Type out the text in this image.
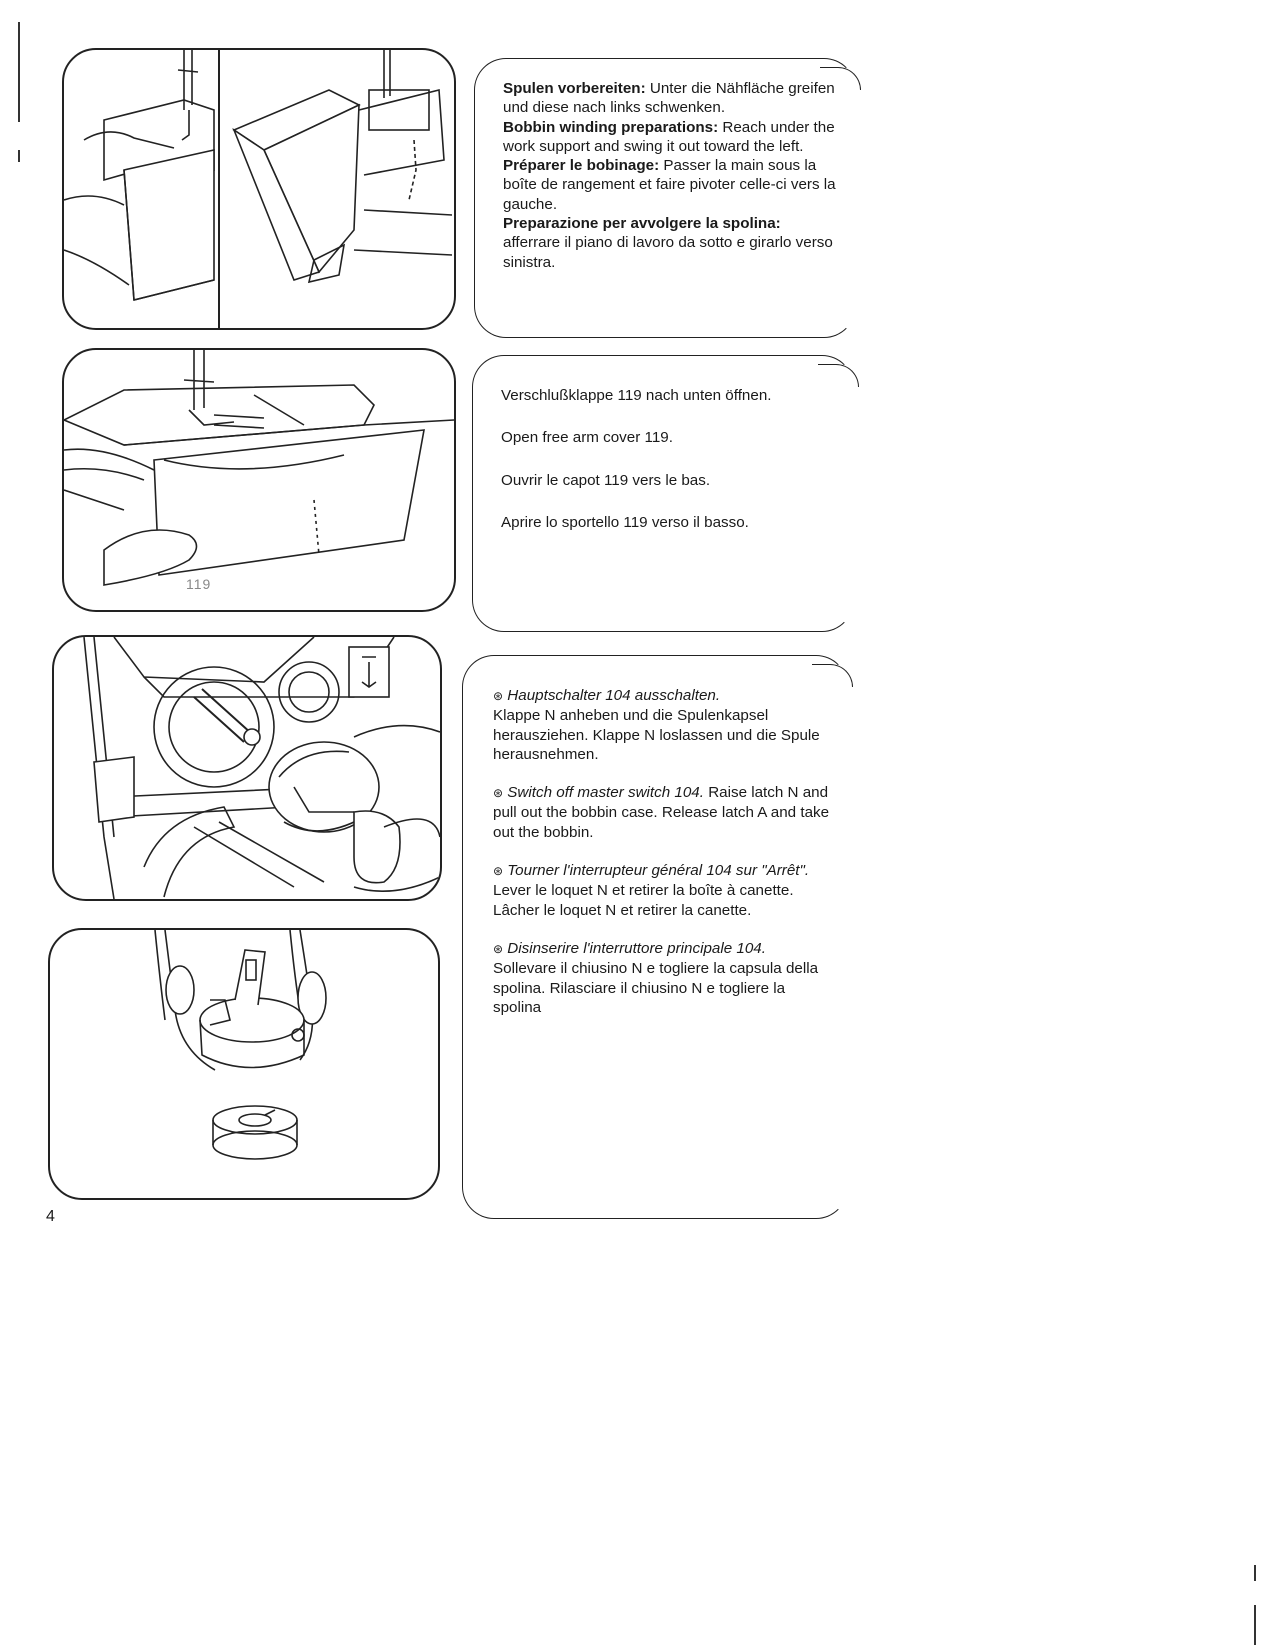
119

Spulen vorbereiten: Unter die Nähfläche greifen und diese nach links schwenken.

Bobbin winding preparations: Reach under the work support and swing it out toward the left.

Préparer le bobinage: Passer la main sous la boîte de rangement et faire pivoter celle-ci vers la gauche.

Preparazione per avvolgere la spolina: afferrare il piano di lavoro da sotto e girarlo verso sinistra.

Verschlußklappe 119 nach unten öffnen.

Open free arm cover 119.

Ouvrir le capot 119 vers le bas.

Aprire lo sportello 119 verso il basso.

⊛ Hauptschalter 104 ausschalten.
Klappe N anheben und die Spulenkapsel herausziehen. Klappe N loslassen und die Spule herausnehmen.

⊛ Switch off master switch 104. Raise latch N and pull out the bobbin case. Release latch A and take out the bobbin.

⊛ Tourner l'interrupteur général 104 sur "Arrêt". Lever le loquet N et retirer la boîte à canette. Lâcher le loquet N et retirer la canette.

⊛ Disinserire l'interruttore principale 104.
Sollevare il chiusino N e togliere la capsula della spolina. Rilasciare il chiusino N e togliere la spolina

4
